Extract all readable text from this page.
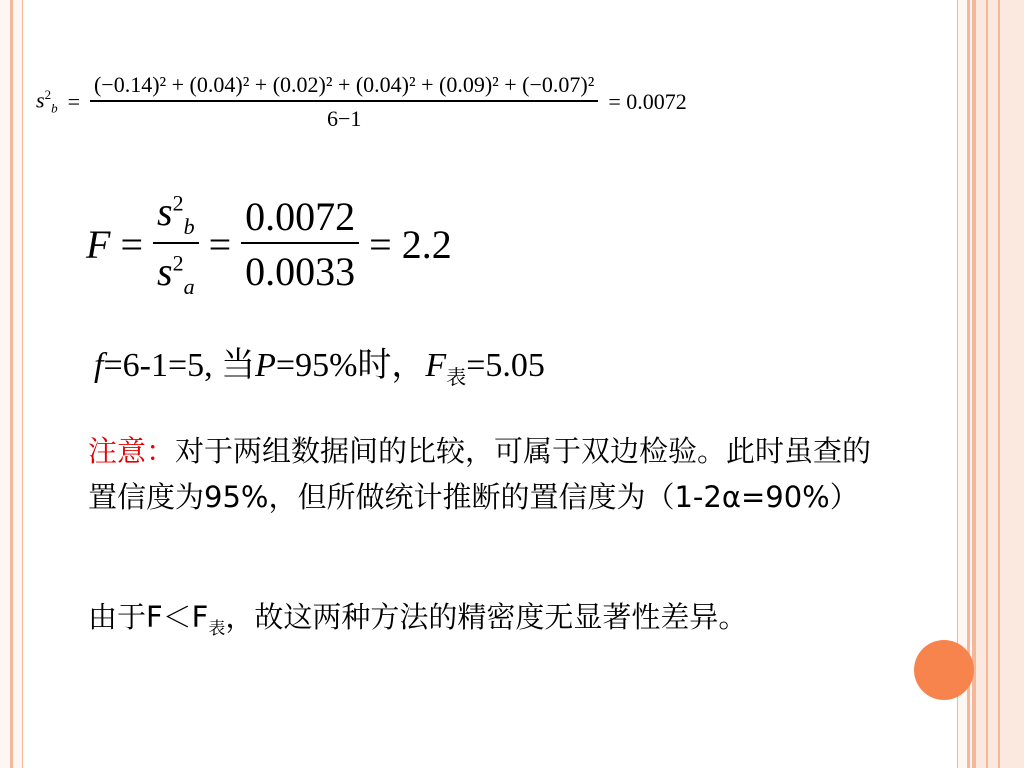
$s^2_b = \frac{\text{(−0.14)² + (0.04)² + (0.02)² + (0.04)² + (0.09)² + (−0.07)²}}{6-1} = 0.0072$
$F = \frac{s^2_b}{s^2_a} = \frac{0.0072}{0.0033} = 2.2$
f=6-1=5, 当P=95%时，$F_表=5.05$
注意：对于两组数据间的比较，可属于双边检验。此时虽查的置信度为95%，但所做统计推断的置信度为（1-2α=90%）
由于$F<F_表$，故这两种方法的精密度无显著性差异。
